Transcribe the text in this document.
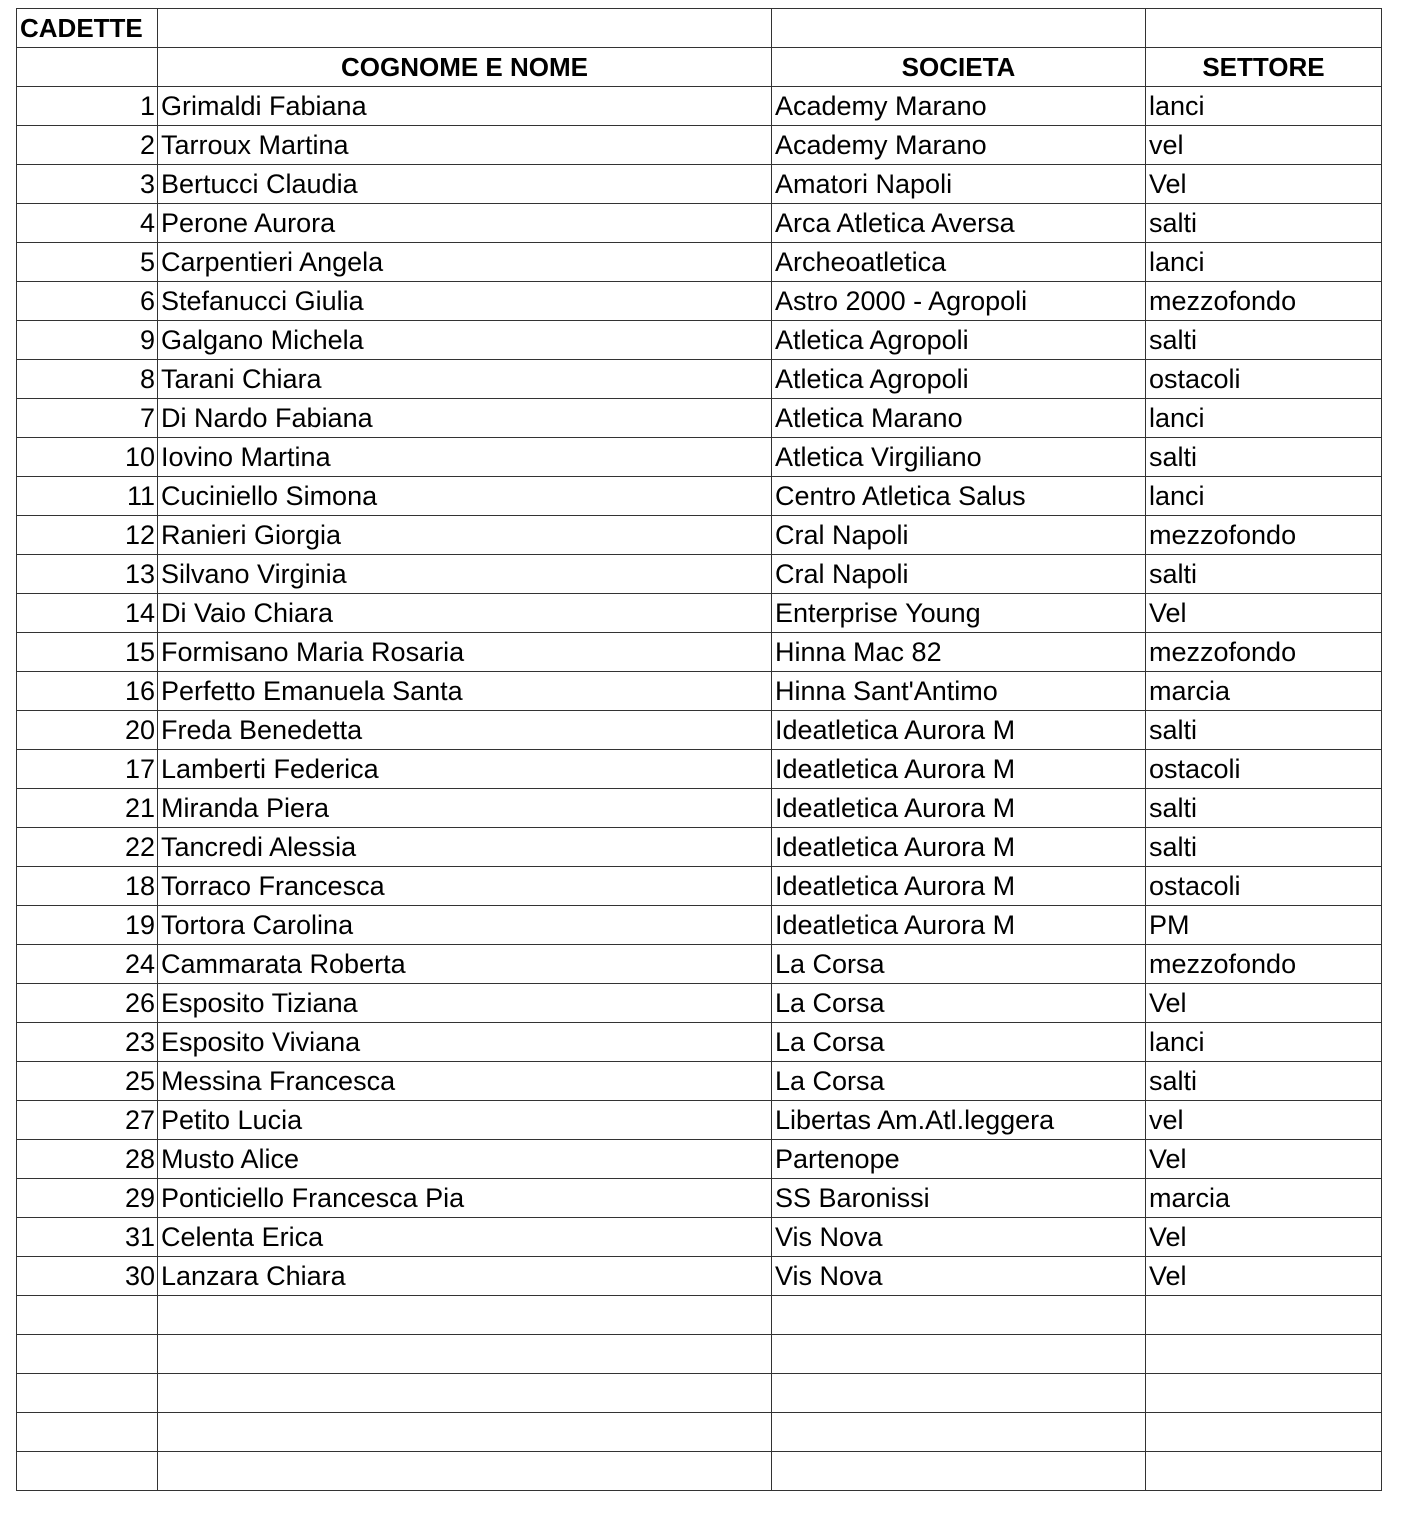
CADETTE			
	COGNOME E NOME	SOCIETA	SETTORE
1	Grimaldi Fabiana	Academy Marano	lanci
2	Tarroux Martina	Academy Marano	vel
3	Bertucci Claudia	Amatori Napoli	Vel
4	Perone Aurora	Arca Atletica Aversa	salti
5	Carpentieri Angela	Archeoatletica	lanci
6	Stefanucci Giulia	Astro 2000 - Agropoli	mezzofondo
9	Galgano Michela	Atletica Agropoli	salti
8	Tarani Chiara	Atletica Agropoli	ostacoli
7	Di Nardo Fabiana	Atletica Marano	lanci
10	Iovino Martina	Atletica Virgiliano	salti
11	Cuciniello Simona	Centro Atletica Salus	lanci
12	Ranieri Giorgia	Cral Napoli	mezzofondo
13	Silvano Virginia	Cral Napoli	salti
14	Di Vaio Chiara	Enterprise Young	Vel
15	Formisano Maria Rosaria	Hinna Mac 82	mezzofondo
16	Perfetto Emanuela Santa	Hinna Sant'Antimo	marcia
20	Freda Benedetta	Ideatletica Aurora M	salti
17	Lamberti Federica	Ideatletica Aurora M	ostacoli
21	Miranda Piera	Ideatletica Aurora M	salti
22	Tancredi Alessia	Ideatletica Aurora M	salti
18	Torraco Francesca	Ideatletica Aurora M	ostacoli
19	Tortora Carolina	Ideatletica Aurora M	PM
24	Cammarata Roberta	La Corsa	mezzofondo
26	Esposito Tiziana	La Corsa	Vel
23	Esposito Viviana	La Corsa	lanci
25	Messina Francesca	La Corsa	salti
27	Petito Lucia	Libertas Am.Atl.leggera	vel
28	Musto Alice	Partenope	Vel
29	Ponticiello Francesca Pia	SS Baronissi	marcia
31	Celenta Erica	Vis Nova	Vel
30	Lanzara Chiara	Vis Nova	Vel
